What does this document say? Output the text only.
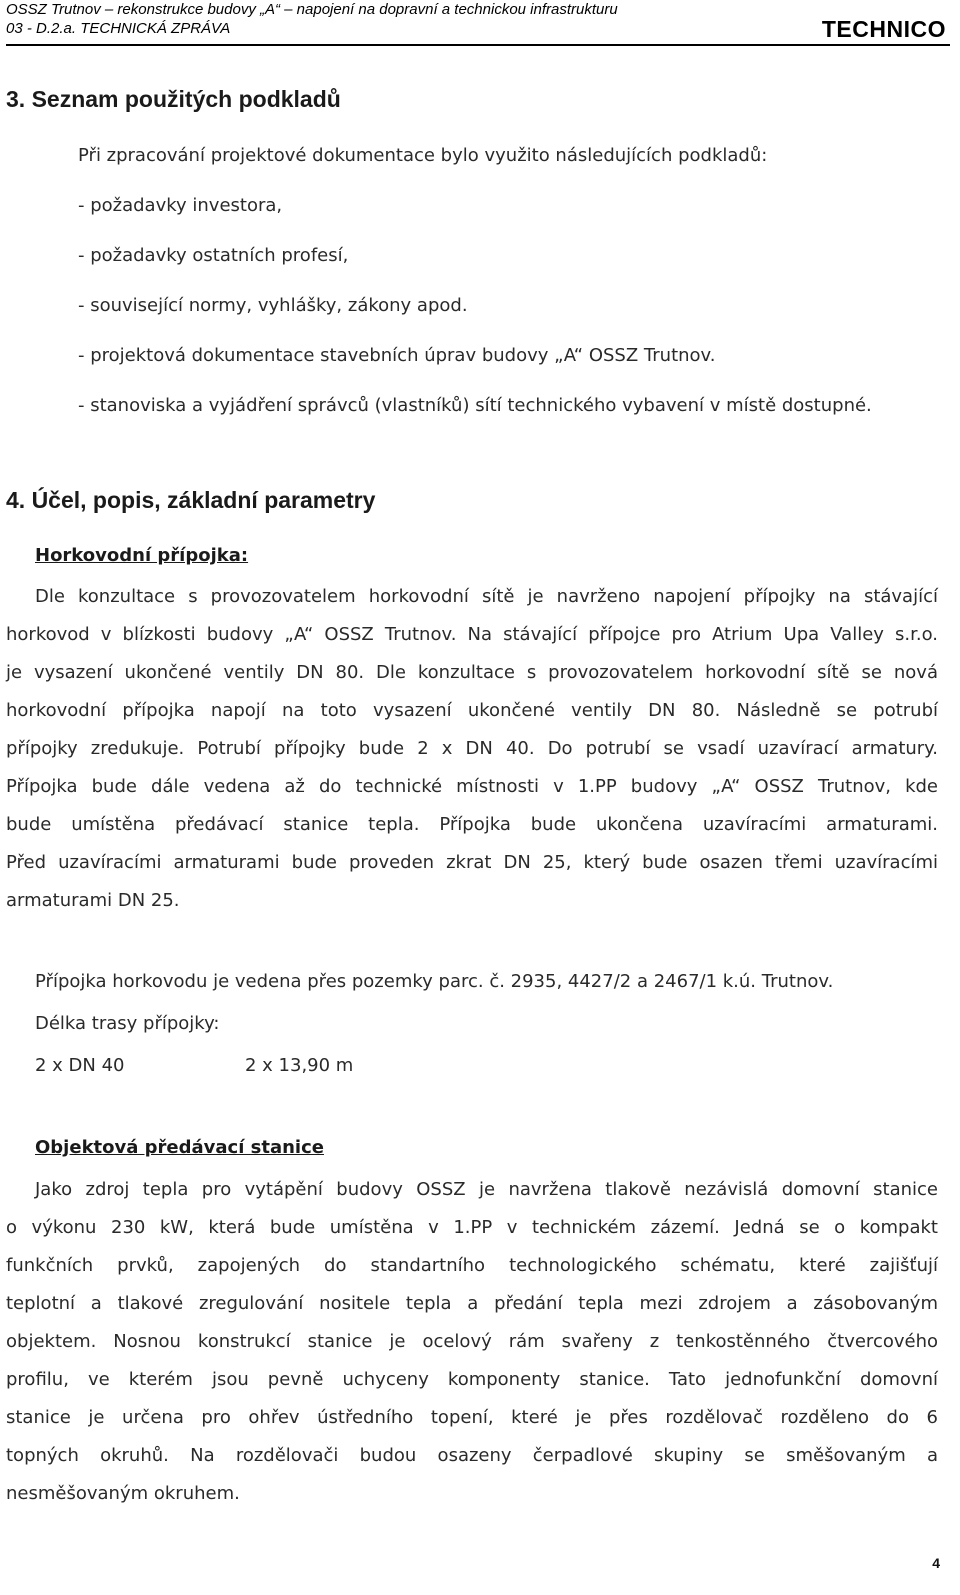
OSSZ Trutnov – rekonstrukce budovy „A“ – napojení na dopravní a technickou infrastrukturu
03 - D.2.a. TECHNICKÁ ZPRÁVA	TECHNICO
3. Seznam použitých podkladů
Při zpracování projektové dokumentace bylo využito následujících podkladů:
- požadavky investora,
- požadavky ostatních profesí,
- související normy, vyhlášky, zákony apod.
- projektová dokumentace stavebních úprav budovy „A“ OSSZ Trutnov.
- stanoviska a vyjádření správců (vlastníků) sítí technického vybavení v místě dostupné.
4. Účel, popis, základní parametry
Horkovodní přípojka:
Dle konzultace s provozovatelem horkovodní sítě je navrženo napojení přípojky na stávající
horkovod v blízkosti budovy „A“ OSSZ Trutnov. Na stávající přípojce pro Atrium Upa Valley s.r.o.
je vysazení ukončené ventily DN 80. Dle konzultace s provozovatelem horkovodní sítě se nová
horkovodní přípojka napojí na toto vysazení ukončené ventily DN 80. Následně se potrubí
přípojky zredukuje. Potrubí přípojky bude 2 x DN 40. Do potrubí se vsadí uzavírací armatury.
Přípojka bude dále vedena až do technické místnosti v 1.PP budovy „A“ OSSZ Trutnov, kde
bude umístěna předávací stanice tepla. Přípojka bude ukončena uzavíracími armaturami.
Před uzavíracími armaturami bude proveden zkrat DN 25, který bude osazen třemi uzavíracími
armaturami DN 25.
Přípojka horkovodu je vedena přes pozemky parc. č. 2935, 4427/2 a 2467/1 k.ú. Trutnov.
Délka trasy přípojky:
2 x DN 40	2 x 13,90 m
Objektová předávací stanice
Jako zdroj tepla pro vytápění budovy OSSZ je navržena tlakově nezávislá domovní stanice
o výkonu 230 kW, která bude umístěna v 1.PP v technickém zázemí. Jedná se o kompakt
funkčních prvků, zapojených do standartního technologického schématu, které zajišťují
teplotní a tlakové zregulování nositele tepla a předání tepla mezi zdrojem a zásobovaným
objektem. Nosnou konstrukcí stanice je ocelový rám svařeny z tenkostěnného čtvercového
profilu, ve kterém jsou pevně uchyceny komponenty stanice. Tato jednofunkční domovní
stanice je určena pro ohřev ústředního topení, které je přes rozdělovač rozděleno do 6
topných okruhů. Na rozdělovači budou osazeny čerpadlové skupiny se směšovaným a
nesměšovaným okruhem.
4
